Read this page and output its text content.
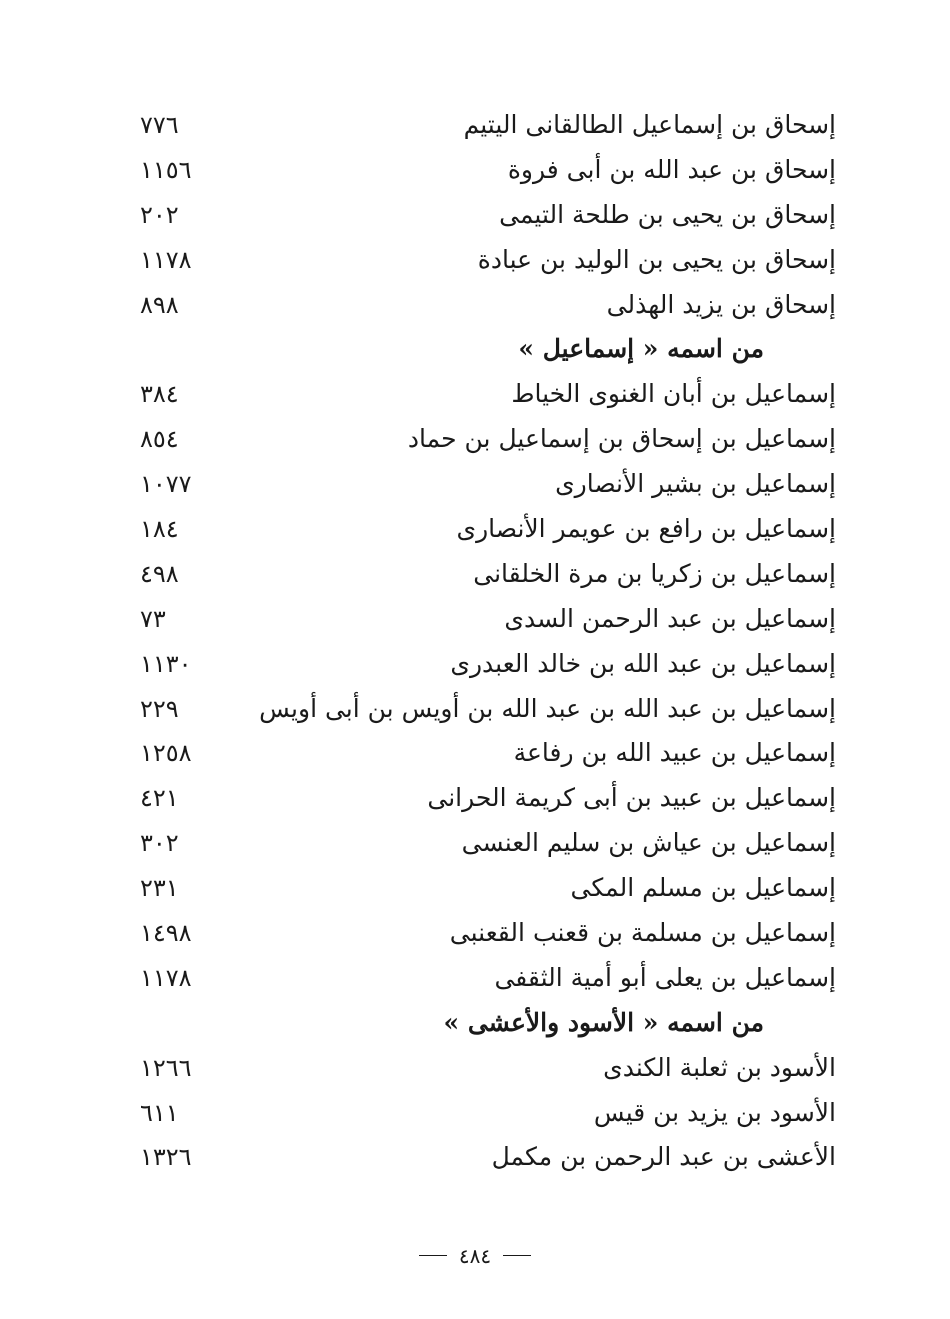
إسحاق بن إسماعيل الطالقانى اليتيم
٧٧٦
إسحاق بن عبد الله بن أبى فروة
١١٥٦
إسحاق بن يحيى بن طلحة التيمى
٢٠٢
إسحاق بن يحيى بن الوليد بن عبادة
١١٧٨
إسحاق بن يزيد الهذلى
٨٩٨
من اسمه « إسماعيل »
إسماعيل بن أبان الغنوى الخياط
٣٨٤
إسماعيل بن إسحاق بن إسماعيل بن حماد
٨٥٤
إسماعيل بن بشير الأنصارى
١٠٧٧
إسماعيل بن رافع بن عويمر الأنصارى
١٨٤
إسماعيل بن زكريا بن مرة الخلقانى
٤٩٨
إسماعيل بن عبد الرحمن السدى
٧٣
إسماعيل بن عبد الله بن خالد العبدرى
١١٣٠
إسماعيل بن عبد الله بن عبد الله بن أويس بن أبى أويس
٢٢٩
إسماعيل بن عبيد الله بن رفاعة
١٢٥٨
إسماعيل بن عبيد بن أبى كريمة الحرانى
٤٢١
إسماعيل بن عياش بن سليم العنسى
٣٠٢
إسماعيل بن مسلم المكى
٢٣١
إسماعيل بن مسلمة بن قعنب القعنبى
١٤٩٨
إسماعيل بن يعلى أبو أمية الثقفى
١١٧٨
من اسمه « الأسود والأعشى »
الأسود بن ثعلبة الكندى
١٢٦٦
الأسود بن يزيد بن قيس
٦١١
الأعشى بن عبد الرحمن بن مكمل
١٣٢٦
٤٨٤
